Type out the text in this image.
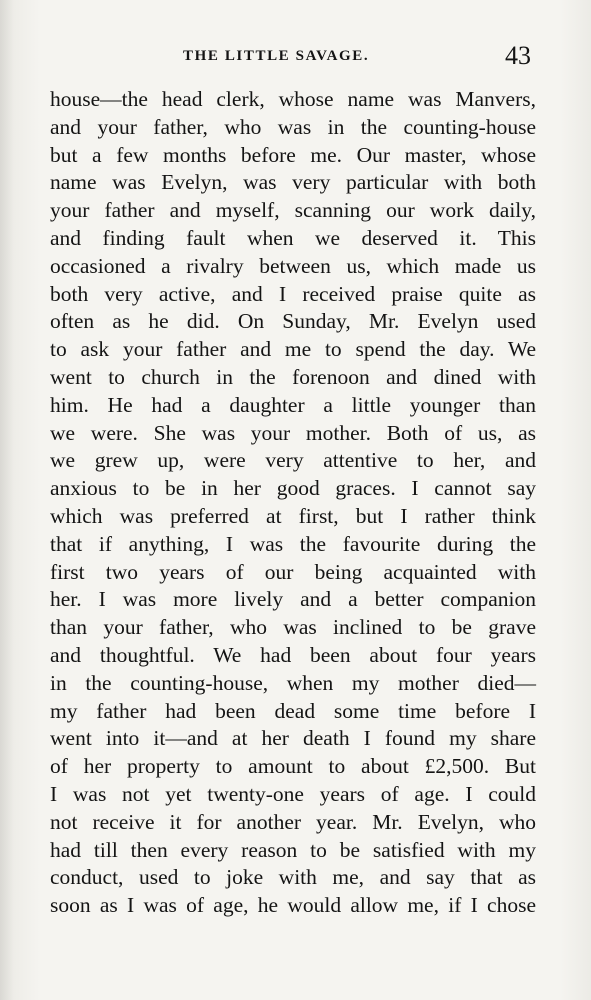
THE LITTLE SAVAGE.	43
house—the head clerk, whose name was Manvers,
and your father, who was in the counting-house
but a few months before me. Our master, whose
name was Evelyn, was very particular with both
your father and myself, scanning our work daily,
and finding fault when we deserved it. This
occasioned a rivalry between us, which made us
both very active, and I received praise quite as
often as he did. On Sunday, Mr. Evelyn used
to ask your father and me to spend the day. We
went to church in the forenoon and dined with
him. He had a daughter a little younger than
we were. She was your mother. Both of us, as
we grew up, were very attentive to her, and
anxious to be in her good graces. I cannot say
which was preferred at first, but I rather think
that if anything, I was the favourite during the
first two years of our being acquainted with
her. I was more lively and a better companion
than your father, who was inclined to be grave
and thoughtful. We had been about four years
in the counting-house, when my mother died—
my father had been dead some time before I
went into it—and at her death I found my share
of her property to amount to about £2,500. But
I was not yet twenty-one years of age. I could
not receive it for another year. Mr. Evelyn, who
had till then every reason to be satisfied with my
conduct, used to joke with me, and say that as
soon as I was of age, he would allow me, if I chose
